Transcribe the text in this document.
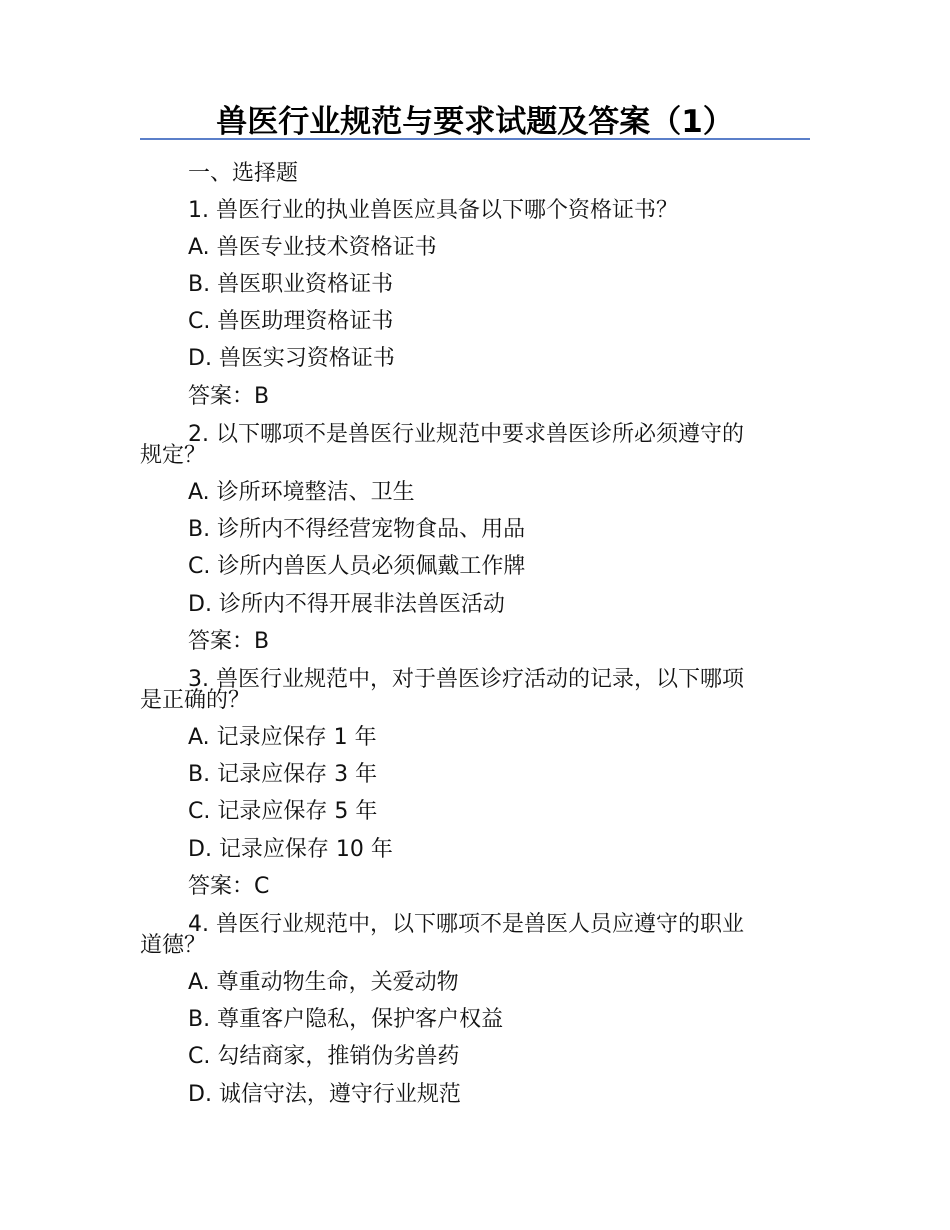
兽医行业规范与要求试题及答案（1）
一、选择题
1. 兽医行业的执业兽医应具备以下哪个资格证书？
A. 兽医专业技术资格证书
B. 兽医职业资格证书
C. 兽医助理资格证书
D. 兽医实习资格证书
答案：B
2. 以下哪项不是兽医行业规范中要求兽医诊所必须遵守的
规定？
A. 诊所环境整洁、卫生
B. 诊所内不得经营宠物食品、用品
C. 诊所内兽医人员必须佩戴工作牌
D. 诊所内不得开展非法兽医活动
答案：B
3. 兽医行业规范中，对于兽医诊疗活动的记录，以下哪项
是正确的？
A. 记录应保存 1 年
B. 记录应保存 3 年
C. 记录应保存 5 年
D. 记录应保存 10 年
答案：C
4. 兽医行业规范中，以下哪项不是兽医人员应遵守的职业
道德？
A. 尊重动物生命，关爱动物
B. 尊重客户隐私，保护客户权益
C. 勾结商家，推销伪劣兽药
D. 诚信守法，遵守行业规范
